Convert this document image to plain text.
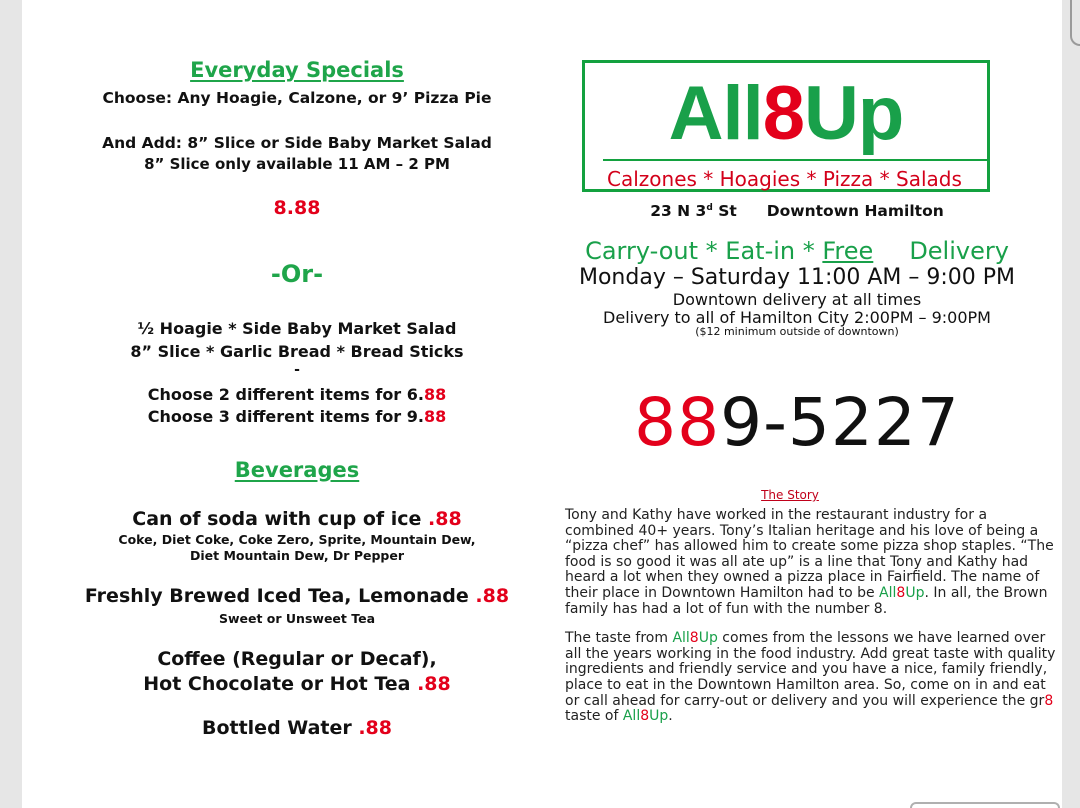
Everyday Specials
Choose: Any Hoagie, Calzone, or 9’ Pizza Pie
And Add: 8” Slice or Side Baby Market Salad
8” Slice only available 11 AM – 2 PM
8.88
-Or-
½ Hoagie * Side Baby Market Salad
8” Slice * Garlic Bread * Bread Sticks
-
Choose 2 different items for 6.88
Choose 3 different items for 9.88
Beverages
Can of soda with cup of ice .88
Coke, Diet Coke, Coke Zero, Sprite, Mountain Dew,
Diet Mountain Dew, Dr Pepper
Freshly Brewed Iced Tea, Lemonade .88
Sweet or Unsweet Tea
Coffee (Regular or Decaf),
Hot Chocolate or Hot Tea .88
Bottled Water .88
All8Up
Calzones * Hoagies * Pizza * Salads
23 N 3$^d$ St Downtown Hamilton
Carry-out * Eat-in * Free Delivery
Monday – Saturday 11:00 AM – 9:00 PM
Downtown delivery at all times
Delivery to all of Hamilton City 2:00PM – 9:00PM
($12 minimum outside of downtown)
889-5227
The Story

Tony and Kathy have worked in the restaurant industry for a combined 40+ years. Tony’s Italian heritage and his love of being a “pizza chef” has allowed him to create some pizza shop staples. “The food is so good it was all ate up” is a line that Tony and Kathy had heard a lot when they owned a pizza place in Fairfield. The name of their place in Downtown Hamilton had to be All8Up. In all, the Brown family has had a lot of fun with the number 8.

The taste from All8Up comes from the lessons we have learned over all the years working in the food industry. Add great taste with quality ingredients and friendly service and you have a nice, family friendly, place to eat in the Downtown Hamilton area. So, come on in and eat or call ahead for carry-out or delivery and you will experience the gr8 taste of All8Up.
